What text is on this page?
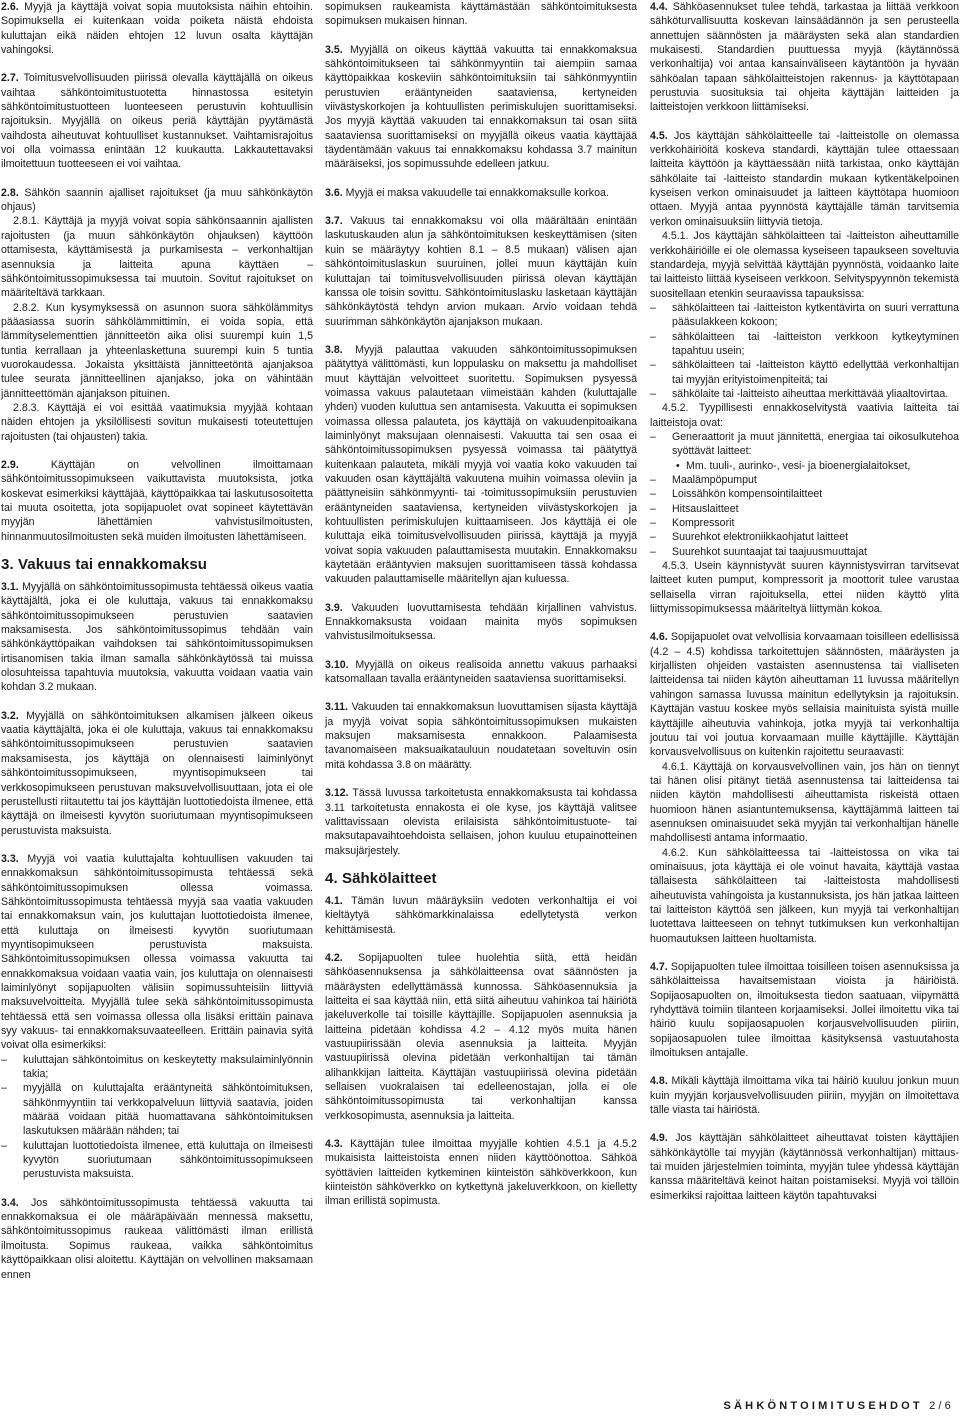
2.6. Myyjä ja käyttäjä voivat sopia muutoksista näihin ehtoihin. Sopimuksella ei kuitenkaan voida poiketa näistä ehdoista kuluttajan eikä näiden ehtojen 12 luvun osalta käyttäjän vahingoksi.

2.7. Toimitusvelvollisuuden piirissä olevalla käyttäjällä on oikeus vaihtaa sähköntoimitustuotetta hinnastossa esitetyin sähköntoimitustuotteen luonteeseen perustuvin kohtuullisin rajoituksin. Myyjällä on oikeus periä käyttäjän pyytämästä vaihdosta aiheutuvat kohtuulliset kustannukset. Vaihtamisrajoitus voi olla voimassa enintään 12 kuukautta. Lakkautettavaksi ilmoitettuun tuotteeseen ei voi vaihtaa.

2.8. Sähkön saannin ajalliset rajoitukset (ja muu sähkönkäytön ohjaus)

2.8.1. Käyttäjä ja myyjä voivat sopia sähkönsaannin ajallisten rajoitusten (ja muun sähkönkäytön ohjauksen) käyttöön ottamisesta, käyttämisestä ja purkamisesta – verkonhaltijan asennuksia ja laitteita apuna käyttäen – sähköntoimitussopimuksessa tai muutoin. Sovitut rajoitukset on määriteltävä tarkkaan.

2.8.2. Kun kysymyksessä on asunnon suora sähkölämmitys pääasiassa suorin sähkölämmittimin, ei voida sopia, että lämmityselementtien jännitteetön aika olisi suurempi kuin 1,5 tuntia kerrallaan ja yhteenlaskettuna suurempi kuin 5 tuntia vuorokaudessa. Jokaista yksittäistä jännitteetöntä ajanjaksoa tulee seurata jännitteellinen ajanjakso, joka on vähintään jännitteettömän ajanjakson pituinen.

2.8.3. Käyttäjä ei voi esittää vaatimuksia myyjää kohtaan näiden ehtojen ja yksilöllisesti sovitun mukaisesti toteutettujen rajoitusten (tai ohjausten) takia.

2.9. Käyttäjän on velvollinen ilmoittamaan sähköntoimitussopimukseen vaikuttavista muutoksista, jotka koskevat esimerkiksi käyttäjää, käyttöpaikkaa tai laskutusosoitetta tai muuta osoitetta, jota sopijapuolet ovat sopineet käytettävän myyjän lähettämien vahvistusilmoitusten, hinnanmuutosilmoitusten sekä muiden ilmoitusten lähettämiseen.

3. Vakuus tai ennakkomaksu

3.1. Myyjällä on sähköntoimitussopimusta tehtäessä oikeus vaatia käyttäjältä, joka ei ole kuluttaja, vakuus tai ennakkomaksu sähköntoimitussopimukseen perustuvien saatavien maksamisesta. Jos sähköntoimitussopimus tehdään vain sähkönkäyttöpaikan vaihdoksen tai sähköntoimitussopimuksen irtisanomisen takia ilman samalla sähkönkäytössä tai muissa olosuhteissa tapahtuvia muutoksia, vakuutta voidaan vaatia vain kohdan 3.2 mukaan.

3.2. Myyjällä on sähköntoimituksen alkamisen jälkeen oikeus vaatia käyttäjältä, joka ei ole kuluttaja, vakuus tai ennakkomaksu sähköntoimitussopimukseen perustuvien saatavien maksamisesta, jos käyttäjä on olennaisesti laiminlyönyt sähköntoimitussopimukseen, myyntisopimukseen tai verkkosopimukseen perustuvan maksuvelvollisuuttaan, jota ei ole perustellusti riitautettu tai jos käyttäjän luottotiedoista ilmenee, että käyttäjä on ilmeisesti kyvytön suoriutumaan myyntisopimukseen perustuvista maksuista.

3.3. Myyjä voi vaatia kuluttajalta kohtuullisen vakuuden tai ennakkomaksun sähköntoimitussopimusta tehtäessä sekä sähköntoimitussopimuksen ollessa voimassa. Sähköntoimitussopimusta tehtäessä myyjä saa vaatia vakuuden tai ennakkomaksun vain, jos kuluttajan luottotiedoista ilmenee, että kuluttaja on ilmeisesti kyvytön suoriutumaan myyntisopimukseen perustuvista maksuista. Sähköntoimitussopimuksen ollessa voimassa vakuutta tai ennakkomaksua voidaan vaatia vain, jos kuluttaja on olennaisesti laiminlyönyt sopijapuolten välisiin sopimussuhteisiin liittyviä maksuvelvoitteita. Myyjällä tulee sekä sähköntoimitussopimusta tehtäessä että sen voimassa ollessa olla lisäksi erittäin painava syy vakuus- tai ennakkomaksuvaateelleen. Erittäin painavia syitä voivat olla esimerkiksi:

– kuluttajan sähköntoimitus on keskeytetty maksulaiminlyönnin takia;
– myyjällä on kuluttajalta erääntyneitä sähköntoimituksen, sähkönmyyntiin tai verkkopalveluun liittyviä saatavia, joiden määrää voidaan pitää huomattavana sähköntoimituksen laskutuksen määrään nähden; tai
– kuluttajan luottotiedoista ilmenee, että kuluttaja on ilmeisesti kyvytön suoriutumaan sähköntoimitussopimukseen perustuvista maksuista.

3.4. Jos sähköntoimitussopimusta tehtäessä vakuutta tai ennakkomaksua ei ole määräpäivään mennessä maksettu, sähköntoimitussopimus raukeaa välittömästi ilman erillistä ilmoitusta. Sopimus raukeaa, vaikka sähköntoimitus käyttöpaikkaan olisi aloitettu. Käyttäjän on velvollinen maksamaan ennen

sopimuksen raukeamista käyttämästään sähköntoimituksesta sopimuksen mukaisen hinnan.

3.5. Myyjällä on oikeus käyttää vakuutta tai ennakkomaksua sähköntoimitukseen tai sähkönmyyntiin tai aiempiin samaa käyttöpaikkaa koskeviin sähköntoimituksiin tai sähkönmyyntiin perustuvien erääntyneiden saataviensa, kertyneiden viivästyskorkojen ja kohtuullisten perimiskulujen suorittamiseksi. Jos myyjä käyttää vakuuden tai ennakkomaksun tai osan siitä saataviensa suorittamiseksi on myyjällä oikeus vaatia käyttäjää täydentämään vakuus tai ennakkomaksu kohdassa 3.7 mainitun määräiseksi, jos sopimussuhde edelleen jatkuu.

3.6. Myyjä ei maksa vakuudelle tai ennakkomaksulle korkoa.

3.7. Vakuus tai ennakkomaksu voi olla määrältään enintään laskutuskauden alun ja sähköntoimituksen keskeyttämisen (siten kuin se määräytyy kohtien 8.1 – 8.5 mukaan) välisen ajan sähköntoimituslaskun suuruinen, jollei muun käyttäjän kuin kuluttajan tai toimitusvelvollisuuden piirissä olevan käyttäjän kanssa ole toisin sovittu. Sähköntoimituslasku lasketaan käyttäjän sähkönkäytöstä tehdyn arvion mukaan. Arvio voidaan tehdä suurimman sähkönkäytön ajanjakson mukaan.

3.8. Myyjä palauttaa vakuuden sähköntoimitussopimuksen päätyttyä välittömästi, kun loppulasku on maksettu ja mahdolliset muut käyttäjän velvoitteet suoritettu. Sopimuksen pysyessä voimassa vakuus palautetaan viimeistään kahden (kuluttajalle yhden) vuoden kuluttua sen antamisesta. Vakuutta ei sopimuksen voimassa ollessa palauteta, jos käyttäjä on vakuudenpitoaikana laiminlyönyt maksujaan olennaisesti. Vakuutta tai sen osaa ei sähköntoimitussopimuksen pysyessä voimassa tai päätyttyä kuitenkaan palauteta, mikäli myyjä voi vaatia koko vakuuden tai vakuuden osan käyttäjältä vakuutena muihin voimassa oleviin ja päättyneisiin sähkönmyynti- tai -toimitussopimuksiin perustuvien erääntyneiden saataviensa, kertyneiden viivästyskorkojen ja kohtuullisten perimiskulujen kuittaamiseen. Jos käyttäjä ei ole kuluttaja eikä toimitusvelvollisuuden piirissä, käyttäjä ja myyjä voivat sopia vakuuden palauttamisesta muutakin. Ennakkomaksu käytetään erääntyvien maksujen suorittamiseen tässä kohdassa vakuuden palauttamiselle määritellyn ajan kuluessa.

3.9. Vakuuden luovuttamisesta tehdään kirjallinen vahvistus. Ennakkomaksusta voidaan mainita myös sopimuksen vahvistusilmoituksessa.

3.10. Myyjällä on oikeus realisoida annettu vakuus parhaaksi katsomallaan tavalla erääntyneiden saataviensa suorittamiseksi.

3.11. Vakuuden tai ennakkomaksun luovuttamisen sijasta käyttäjä ja myyjä voivat sopia sähköntoimitussopimuksen mukaisten maksujen maksamisesta ennakkoon. Palaamisesta tavanomaiseen maksuaikatauluun noudatetaan soveltuvin osin mitä kohdassa 3.8 on määrätty.

3.12. Tässä luvussa tarkoitetusta ennakkomaksusta tai kohdassa 3.11 tarkoitetusta ennakosta ei ole kyse, jos käyttäjä valitsee valittavissaan olevista erilaisista sähköntoimitustuote- tai maksutapavaihtoehdoista sellaisen, johon kuuluu etupainotteinen maksujärjestely.

4. Sähkölaitteet

4.1. Tämän luvun määräyksiin vedoten verkonhaltija ei voi kieltäytyä sähkömarkkinalaissa edellytetystä verkon kehittämisestä.

4.2. Sopijapuolten tulee huolehtia siitä, että heidän sähköasennuksensa ja sähkölaitteensa ovat säännösten ja määräysten edellyttämässä kunnossa. Sähköasennuksia ja laitteita ei saa käyttää niin, että siitä aiheutuu vahinkoa tai häiriötä jakeluverkolle tai toisille käyttäjille. Sopijapuolen asennuksia ja laitteina pidetään kohdissa 4.2 – 4.12 myös muita hänen vastuupiirissään olevia asennuksia ja laitteita. Myyjän vastuupiirissä olevina pidetään verkonhaltijan tai tämän alihankkijan laitteita. Käyttäjän vastuupiirissä olevina pidetään sellaisen vuokralaisen tai edelleenostajan, jolla ei ole sähköntoimitussopimusta tai verkonhaltijan kanssa verkkosopimusta, asennuksia ja laitteita.

4.3. Käyttäjän tulee ilmoittaa myyjälle kohtien 4.5.1 ja 4.5.2 mukaisista laitteistoista ennen niiden käyttöönottoa. Sähköä syöttävien laitteiden kytkeminen kiinteistön sähköverkkoon, kun kiinteistön sähköverkko on kytkettynä jakeluverkkoon, on kielletty ilman erillistä sopimusta.

4.4. Sähköasennukset tulee tehdä, tarkastaa ja liittää verkkoon sähköturvallisuutta koskevan lainsäädännön ja sen perusteella annettujen säännösten ja määräysten sekä alan standardien mukaisesti. Standardien puuttuessa myyjä (käytännössä verkonhaltija) voi antaa kansainväliseen käytäntöön ja hyvään sähköalan tapaan sähkölaitteistojen rakennus- ja käyttötapaan perustuvia suosituksia tai ohjeita käyttäjän laitteiden ja laitteistojen verkkoon liittämiseksi.

4.5. Jos käyttäjän sähkölaitteelle tai -laitteistolle on olemassa verkkohäiriöitä koskeva standardi, käyttäjän tulee ottaessaan laitteita käyttöön ja käyttäessään niitä tarkistaa, onko käyttäjän sähkölaite tai -laitteisto standardin mukaan kytkentäkelpoinen kyseisen verkon ominaisuudet ja laitteen käyttötapa huomioon ottaen. Myyjä antaa pyynnöstä käyttäjälle tämän tarvitsemia verkon ominaisuuksiin liittyviä tietoja.

4.5.1. Jos käyttäjän sähkölaitteen tai -laitteiston aiheuttamille verkkohäiriöille ei ole olemassa kyseiseen tapaukseen soveltuvia standardeja, myyjä selvittää käyttäjän pyynnöstä, voidaanko laite tai laitteisto liittää kyseiseen verkkoon. Selvityspyynnön tekemistä suositellaan etenkin seuraavissa tapauksissa:

– sähkölaitteen tai -laitteiston kytkentävirta on suuri verrattuna pääsulakkeen kokoon;
– sähkölaitteen tai -laitteiston verkkoon kytkeytyminen tapahtuu usein;
– sähkölaitteen tai -laitteiston käyttö edellyttää verkonhaltijan tai myyjän erityistoimenpiteitä; tai
– sähkölaite tai -laitteisto aiheuttaa merkittävää yliaaltovirtaa.

4.5.2. Tyypillisesti ennakkoselvitystä vaativia laitteita tai laitteistoja ovat:

– Generaattorit ja muut jännitettä, energiaa tai oikosulkutehoa syöttävät laitteet:
• Mm. tuuli-, aurinko-, vesi- ja bioenergialaitokset,
– Maalämpöpumput
– Loissähkön kompensointilaitteet
– Hitsauslaitteet
– Kompressorit
– Suurehkot elektroniikkaohjatut laitteet
– Suurehkot suuntaajat tai taajuusmuuttajat

4.5.3. Usein käynnistyvät suuren käynnistysvirran tarvitsevat laitteet kuten pumput, kompressorit ja moottorit tulee varustaa sellaisella virran rajoituksella, ettei niiden käyttö ylitä liittymissopimuksessa määriteltyä liittymän kokoa.

4.6. Sopijapuolet ovat velvollisia korvaamaan toisilleen edellisissä (4.2 – 4.5) kohdissa tarkoitettujen säännösten, määräysten ja kirjallisten ohjeiden vastaisten asennustensa tai vialliseten laitteidensa tai niiden käytön aiheuttaman 11 luvussa määritellyn vahingon samassa luvussa mainitun edellytyksin ja rajoituksin. Käyttäjän vastuu koskee myös sellaisia mainituista syistä muille käyttäjille aiheutuvia vahinkoja, jotka myyjä tai verkonhaltija joutuu tai voi joutua korvaamaan muille käyttäjille. Käyttäjän korvausvelvollisuus on kuitenkin rajoitettu seuraavasti:

4.6.1. Käyttäjä on korvausvelvollinen vain, jos hän on tiennyt tai hänen olisi pitänyt tietää asennustensa tai laitteidensa tai niiden käytön mahdollisesti aiheuttamista riskeistä ottaen huomioon hänen asiantuntemuksensa, käyttäjämmä laitteen tai asennuksen ominaisuudet sekä myyjän tai verkonhaltijan hänelle mahdollisesti antama informaatio.

4.6.2. Kun sähkölaitteessa tai -laitteistossa on vika tai ominaisuus, jota käyttäjä ei ole voinut havaita, käyttäjä vastaa tällaisesta sähkölaitteen tai -laitteistosta mahdollisesti aiheutuvista vahingoista ja kustannuksista, jos hän jatkaa laitteen tai laitteiston käyttöä sen jälkeen, kun myyjä tai verkonhaltijan luotettava laitteeseen on tehnyt tutkimuksen kun verkonhaltijan huomautuksen laitteen huoltamista.

4.7. Sopijapuolten tulee ilmoittaa toisilleen toisen asennuksissa ja sähkölaitteissa havaitsemistaan vioista ja häiriöistä. Sopijaosapuolten on, ilmoituksesta tiedon saatuaan, viipymättä ryhdyttävä toimiin tilanteen korjaamiseksi. Jollei ilmoitettu vika tai häiriö kuulu sopijaosapuolen korjausvelvollisuuden piiriin, sopijaosapuolen tulee ilmoittaa käsityksensä vastuutahosta ilmoituksen antajalle.

4.8. Mikäli käyttäjä ilmoittama vika tai häiriö kuuluu jonkun muun kuin myyjän korjausvelvollisuuden piiriin, myyjän on ilmoitettava tälle viasta tai häiriöstä.

4.9. Jos käyttäjän sähkölaitteet aiheuttavat toisten käyttäjien sähkönkäytölle tai myyjän (käytännössä verkonhaltijan) mittaus- tai muiden järjestelmien toiminta, myyjän tulee yhdessä käyttäjän kanssa määriteltävä keinot haitan poistamiseksi. Myyjä voi tällöin esimerkiksi rajoittaa laitteen käytön tapahtuvaksi

SÄHKÖNTOIMITUSEHDOT 2/6
